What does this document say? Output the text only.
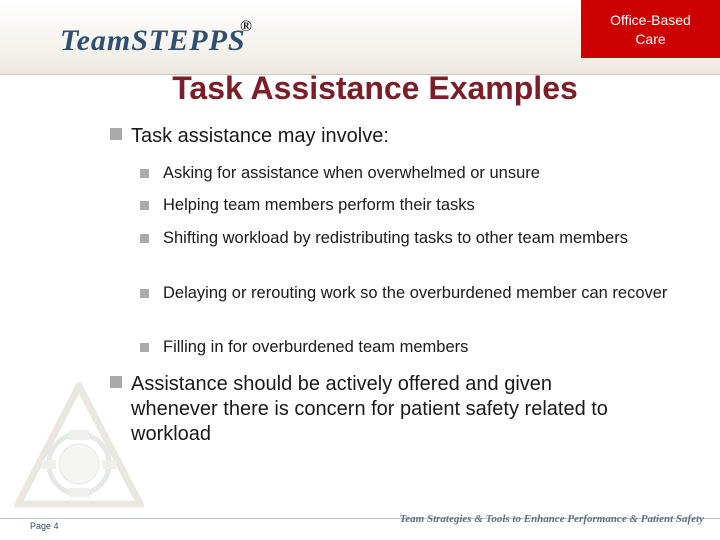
TeamSTEPPS
®	Office-Based
Care
Task Assistance Examples
Task assistance may involve:
Asking for assistance when overwhelmed or unsure
Helping team members perform their tasks
Shifting workload by redistributing tasks to other team members
Delaying or rerouting work so the overburdened member can recover
Filling in for overburdened team members
Assistance should be actively offered and given whenever there is concern for patient safety related to workload
Page 4
Team Strategies & Tools to Enhance Performance & Patient Safety
